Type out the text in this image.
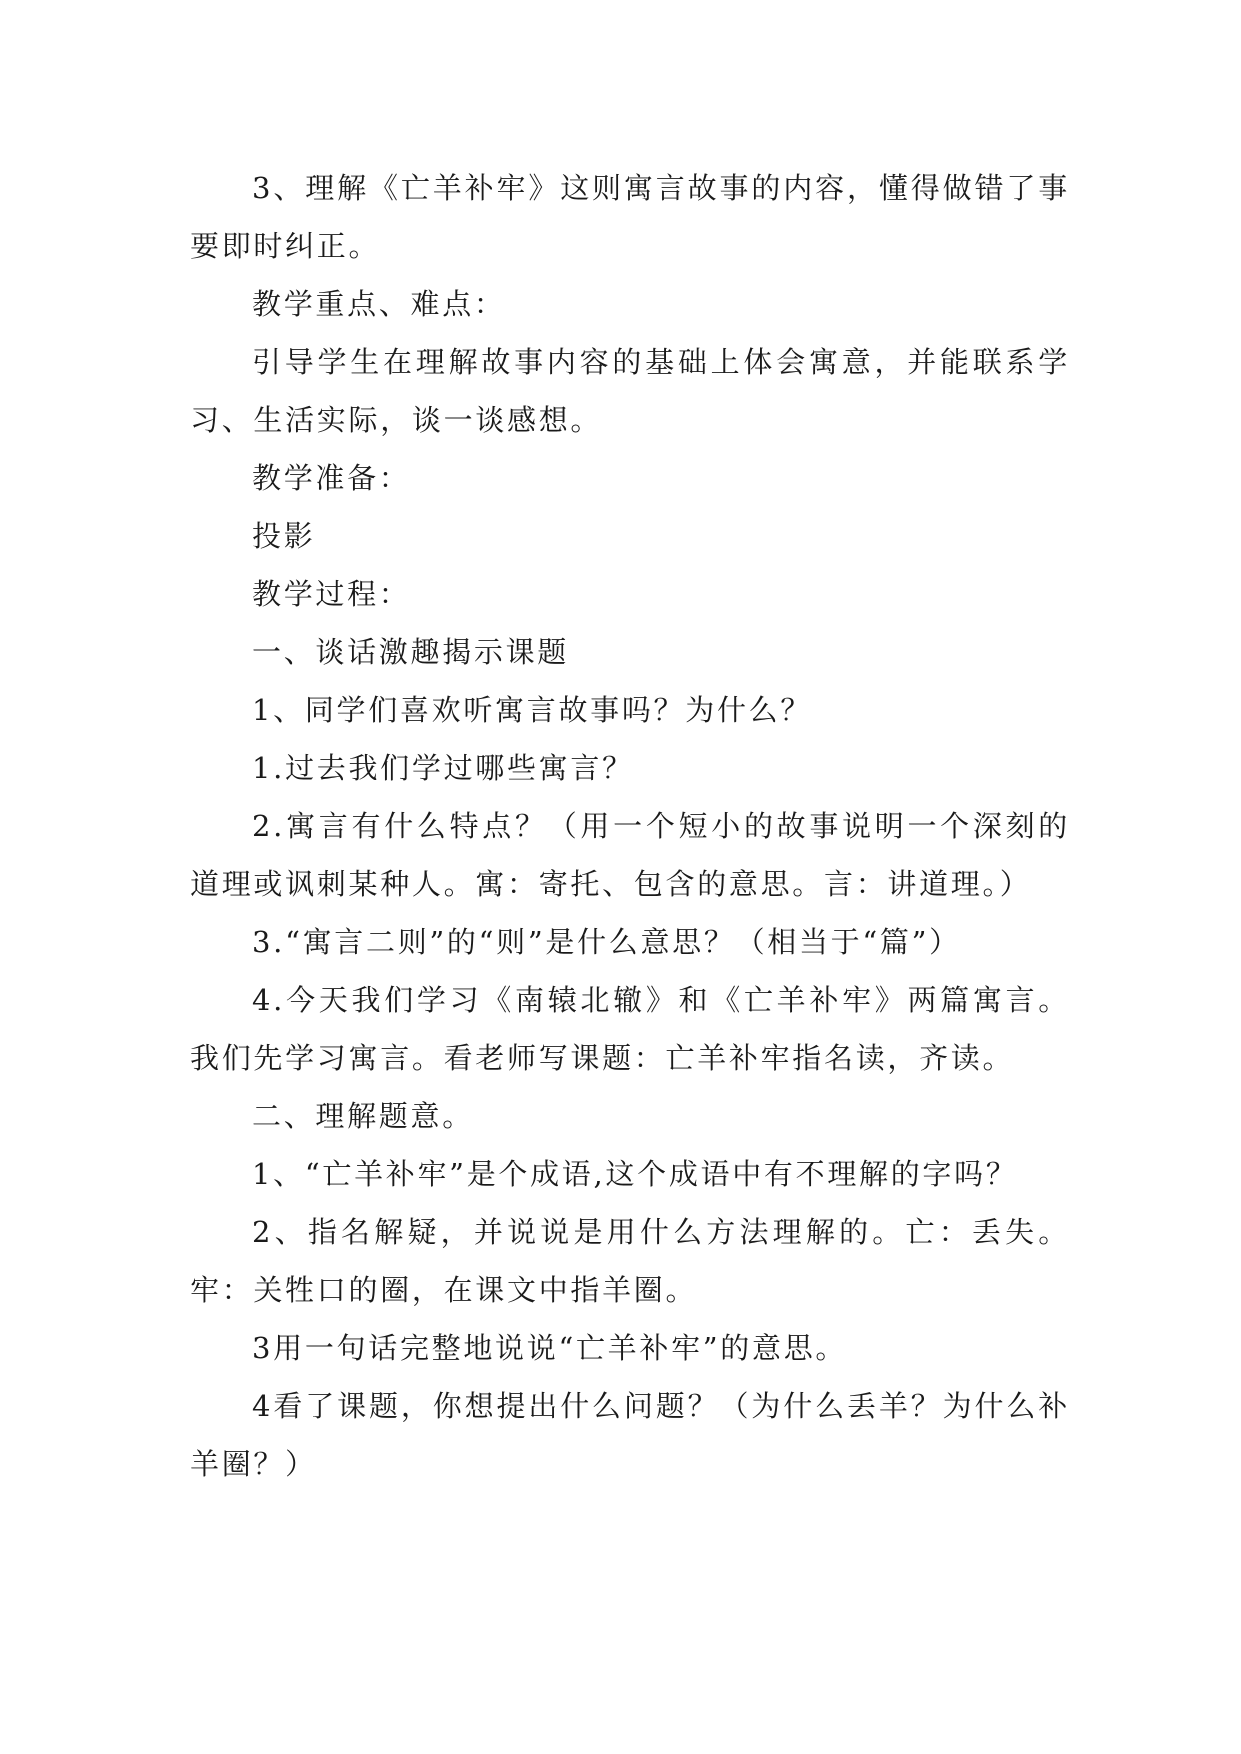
3、理解《亡羊补牢》这则寓言故事的内容，懂得做错了事要即时纠正。

教学重点、难点：

引导学生在理解故事内容的基础上体会寓意，并能联系学习、生活实际，谈一谈感想。

教学准备：

投影

教学过程：

一、谈话激趣揭示课题

1、同学们喜欢听寓言故事吗？为什么？

1.过去我们学过哪些寓言？

2.寓言有什么特点？（用一个短小的故事说明一个深刻的道理或讽刺某种人。寓：寄托、包含的意思。言：讲道理。）

3.“寓言二则”的“则”是什么意思？（相当于“篇”）

4.今天我们学习《南辕北辙》和《亡羊补牢》两篇寓言。我们先学习寓言。看老师写课题：亡羊补牢指名读，齐读。

二、理解题意。

1、“亡羊补牢”是个成语,这个成语中有不理解的字吗？

2、指名解疑，并说说是用什么方法理解的。亡：丢失。牢：关牲口的圈，在课文中指羊圈。

3用一句话完整地说说“亡羊补牢”的意思。

4看了课题，你想提出什么问题？（为什么丢羊？为什么补羊圈？）
